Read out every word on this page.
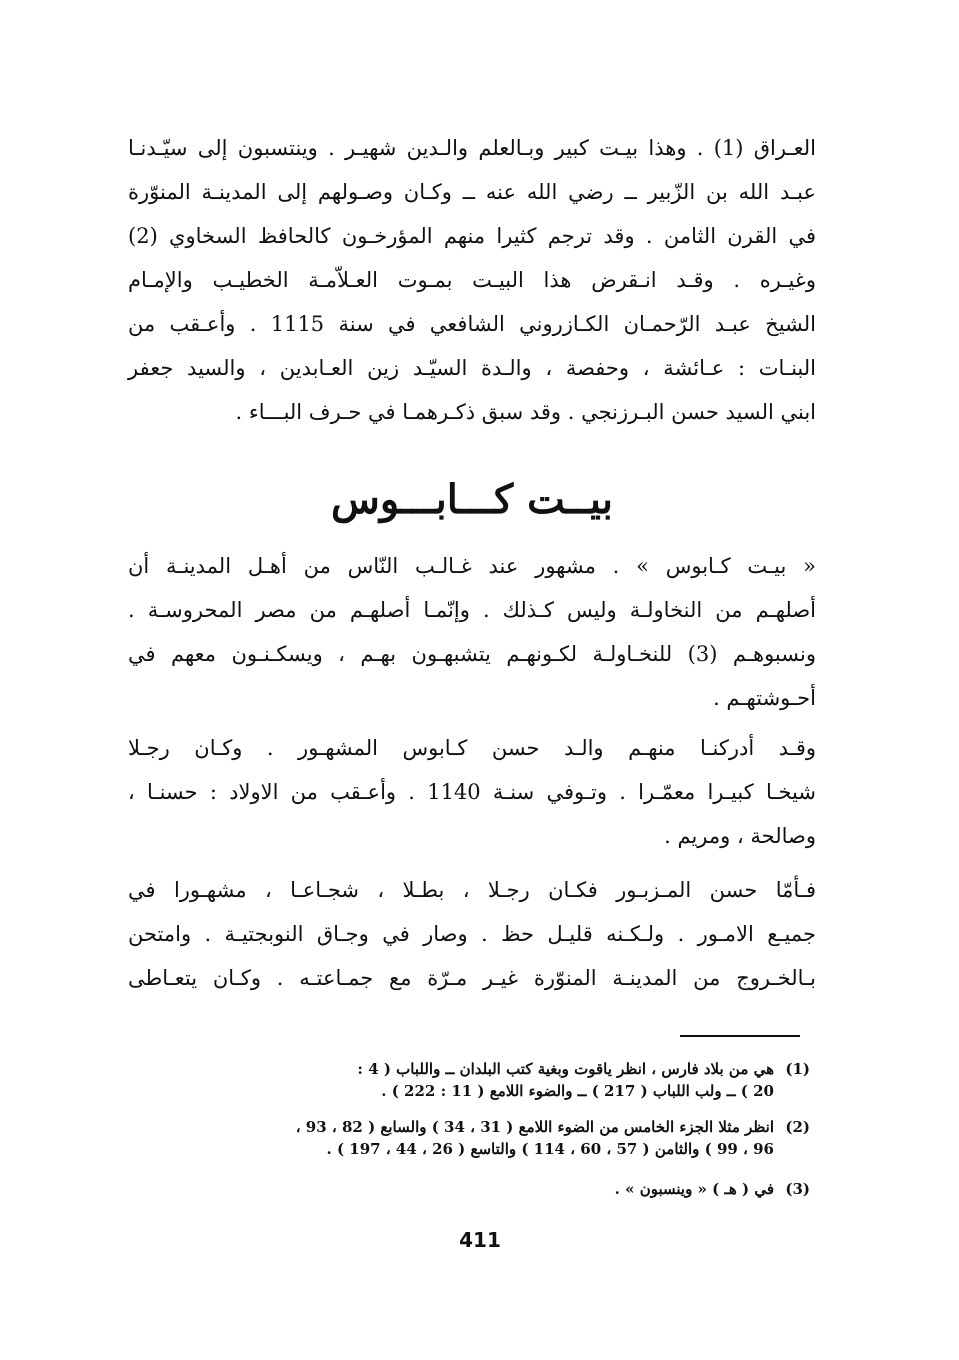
العـراق (1) . وهذا بيـت كبير وبـالعلم والـدين شهيـر . وينتسبون إلى سيّـدنـا
عبـد الله بن الزّبير ــ رضي الله عنه ــ وكـان وصـولهم إلى المدينـة المنوّرة
في القرن الثامن . وقد ترجم كثيرا منهم المؤرخـون كالحافظ السخاوي (2)
وغيـره . وقـد انـقرض هذا البيـت بمـوت العـلاّمـة الخطيـب والإمـام
الشيخ عبـد الرّحمـان الكـازروني الشافعي في سنة 1115 . وأعـقب من
البنـات : عـائشة ، وحفصة ، والـدة السيّـد زين العـابدين ، والسيد جعفر
ابني السيد حسن البـرزنجي . وقد سبق ذكـرهمـا في حـرف البـــاء .
بيــت كـــابـــوس
« بيـت كـابوس » . مشهور عند غـالـب النّاس من أهـل المدينـة أن
أصلهـم من النخاولـة وليس كـذلك . وإنّمـا أصلهـم من مصر المحروسـة .
ونسبوهـم (3) للنخـاولـة لكـونهـم يتشبهـون بهـم ، ويسكـنـون معهم في
أحـوشتهـم .
وقـد أدركنـا منهـم والـد حسن كـابوس المشهـور . وكـان رجـلا
شيخـا كبيـرا معمّـرا . وتـوفي سنـة 1140 . وأعـقب من الاولاد : حسنـا ،
وصالحة ، ومريم .
فـأمّا حسن المـزبـور فكـان رجـلا ، بطـلا ، شجـاعـا ، مشهـورا في
جميـع الامـور . ولـكـنه قليـل حظ . وصار في وجـاق النوبجتيـة . وامتحن
بـالخـروج من المدينـة المنوّرة غيـر مـرّة مع جمـاعتـه . وكـان يتعـاطى
(1)هي من بلاد فارس ، انظر ياقوت وبغية كتب البلدان ــ واللباب ( 4 :
20 ) ــ ولب اللباب ( 217 ) ــ والضوء اللامع ( 11 : 222 ) .
(2)انظر مثلا الجزء الخامس من الضوء اللامع ( 31 ، 34 ) والسابع ( 82 ، 93 ،
96 ، 99 ) والثامن ( 57 ، 60 ، 114 ) والتاسع ( 26 ، 44 ، 197 ) .
(3)في ( هـ ) « وينسبون » .
411
